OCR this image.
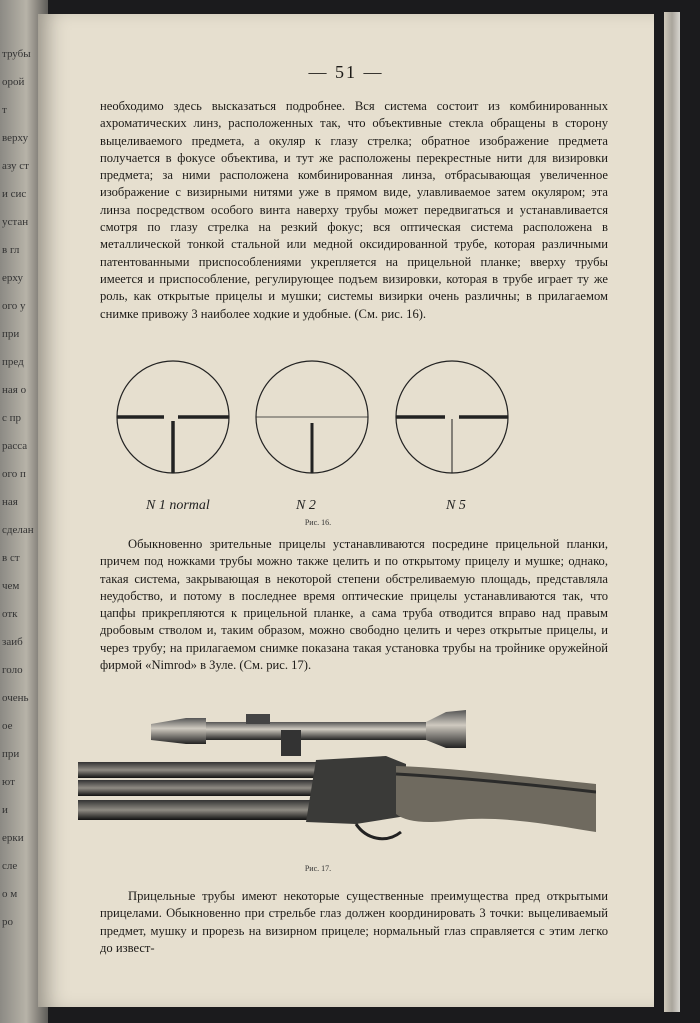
трубы
орой
т
верху
азу ст
и сис
устан
в гл
ерху
ого у
при
пред
ная о
с пр
расса
ого п
ная
сделан
в ст
чем
отк
заиб
голо
очень
ое
при
ют
и
ерки
сле
о м
ро
— 51 —

необходимо здесь высказаться подробнее. Вся система состоит из комбинированных ахроматических линз, расположенных так, что объективные стекла обращены в сторону выцеливаемого предмета, а окуляр к глазу стрелка; обратное изображение предмета получается в фокусе объектива, и тут же расположены перекрестные нити для визировки предмета; за ними расположена комбинированная линза, отбрасывающая увеличенное изображение с визирными нитями уже в прямом виде, улавливаемое затем окуляром; эта линза посредством особого винта наверху трубы может передвигаться и устанавливается смотря по глазу стрелка на резкий фокус; вся оптическая система расположена в металлической тонкой стальной или медной оксидированной трубе, которая различными патентованными приспособлениями укрепляется на прицельной планке; вверху трубы имеется и приспособление, регулирующее подъем визировки, которая в трубе играет ту же роль, как открытые прицелы и мушки; системы визирки очень различны; в прилагаемом снимке привожу 3 наиболее ходкие и удобные. (См. рис. 16).

N 1 normal	N 2	N 5
Рис. 16.

Обыкновенно зрительные прицелы устанавливаются посредине прицельной планки, причем под ножками трубы можно также целить и по открытому прицелу и мушке; однако, такая система, закрывающая в некоторой степени обстреливаемую площадь, представляла неудобство, и потому в последнее время оптические прицелы устанавливаются так, что цапфы прикрепляются к прицельной планке, а сама труба отводится вправо над правым дробовым стволом и, таким образом, можно свободно целить и через открытые прицелы, и через трубу; на прилагаемом снимке показана такая установка трубы на тройнике оружейной фирмой «Nimrod» в Зуле. (См. рис. 17).

Рис. 17.

Прицельные трубы имеют некоторые существенные преимущества пред открытыми прицелами. Обыкновенно при стрельбе глаз должен координировать 3 точки: выцеливаемый предмет, мушку и прорезь на визирном прицеле; нормальный глаз справляется с этим легко до извест-
